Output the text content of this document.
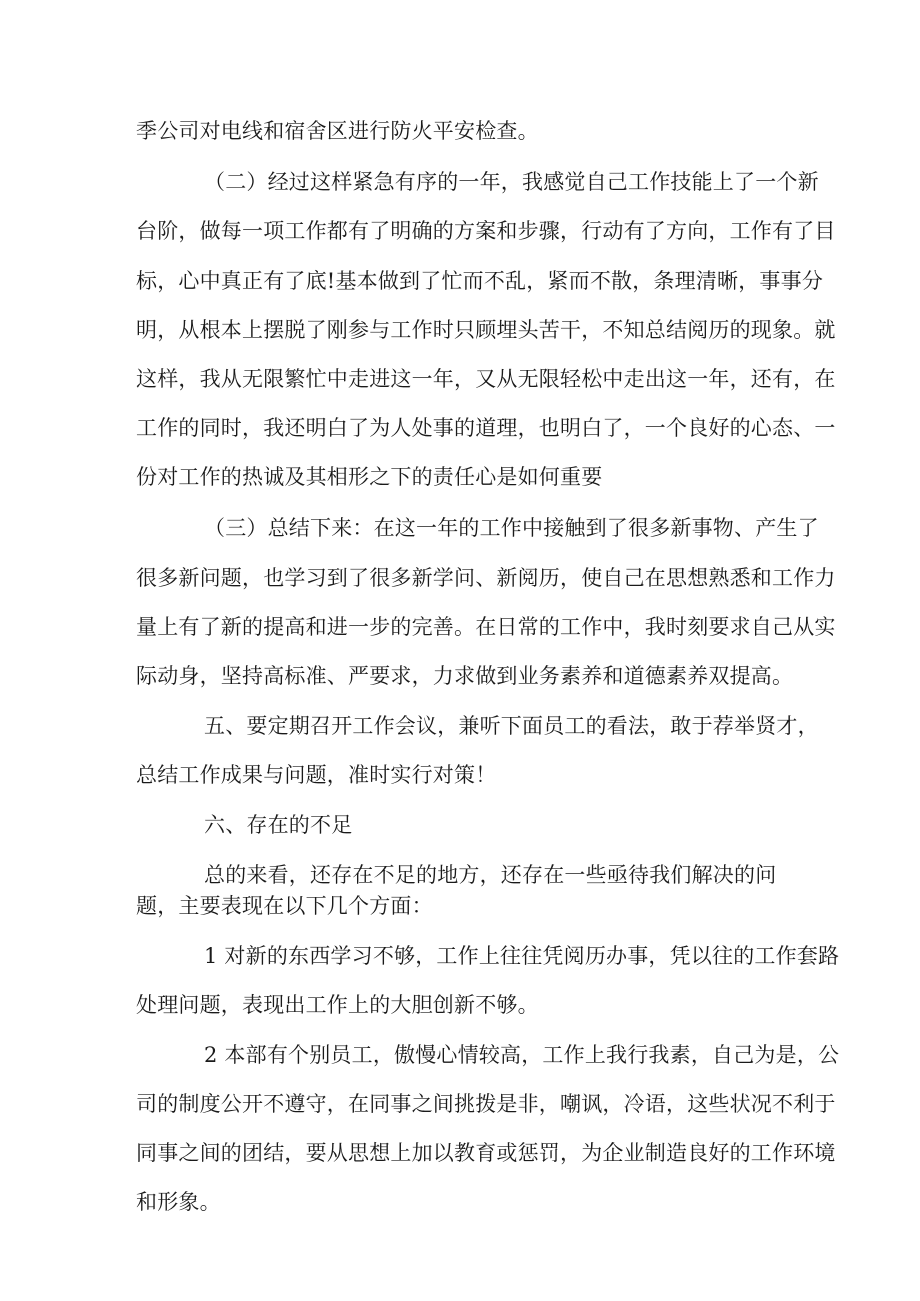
季公司对电线和宿舍区进行防火平安检查。
（二）经过这样紧急有序的一年，我感觉自己工作技能上了一个新
台阶，做每一项工作都有了明确的方案和步骤，行动有了方向，工作有了目
标，心中真正有了底!基本做到了忙而不乱，紧而不散，条理清晰，事事分
明，从根本上摆脱了刚参与工作时只顾埋头苦干，不知总结阅历的现象。就
这样，我从无限繁忙中走进这一年，又从无限轻松中走出这一年，还有，在
工作的同时，我还明白了为人处事的道理，也明白了，一个良好的心态、一
份对工作的热诚及其相形之下的责任心是如何重要
（三）总结下来：在这一年的工作中接触到了很多新事物、产生了
很多新问题，也学习到了很多新学问、新阅历，使自己在思想熟悉和工作力
量上有了新的提高和进一步的完善。在日常的工作中，我时刻要求自己从实
际动身，坚持高标准、严要求，力求做到业务素养和道德素养双提高。
五、要定期召开工作会议，兼听下面员工的看法，敢于荐举贤才，
总结工作成果与问题，准时实行对策！
六、存在的不足
总的来看，还存在不足的地方，还存在一些亟待我们解决的问
题，主要表现在以下几个方面：
1 对新的东西学习不够，工作上往往凭阅历办事，凭以往的工作套路
处理问题，表现出工作上的大胆创新不够。
2 本部有个别员工，傲慢心情较高，工作上我行我素，自己为是，公
司的制度公开不遵守，在同事之间挑拨是非，嘲讽，冷语，这些状况不利于
同事之间的团结，要从思想上加以教育或惩罚，为企业制造良好的工作环境
和形象。
